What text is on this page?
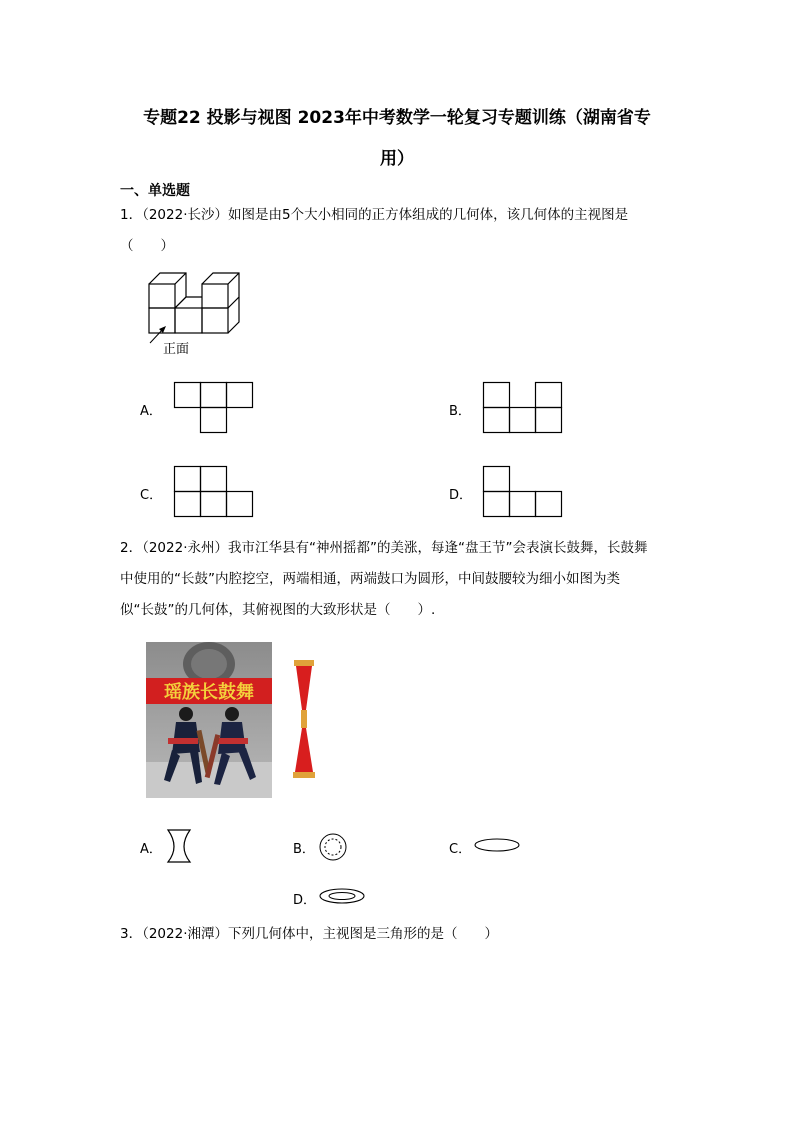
专题22 投影与视图 2023年中考数学一轮复习专题训练（湖南省专
用）
一、单选题
1．（2022·长沙）如图是由5个大小相同的正方体组成的几何体，该几何体的主视图是
（　　）
正面
A．	B．
C．	D．
2．（2022·永州）我市江华县有“神州摇都”的美涨，每逢“盘王节”会表演长鼓舞，长鼓舞
中使用的“长鼓”内腔挖空，两端相通，两端鼓口为圆形，中间鼓腰较为细小如图为类
似“长鼓”的几何体，其俯视图的大致形状是（　　）.
瑶族长鼓舞
A．	B．	C．
D．
3．（2022·湘潭）下列几何体中，主视图是三角形的是（　　）
